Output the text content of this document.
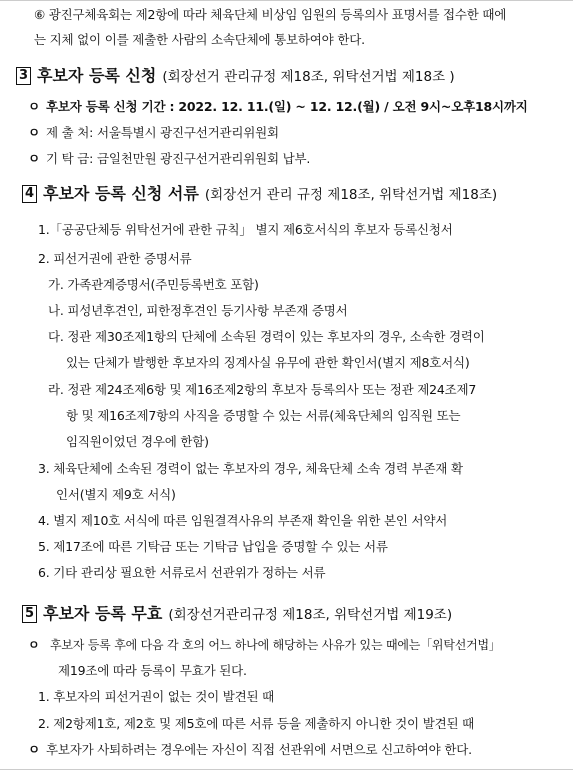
⑥ 광진구체육회는 제2항에 따라 체육단체 비상임 임원의 등록의사 표명서를 접수한 때에
는 지체 없이 이를 제출한 사람의 소속단체에 통보하여야 한다.
3 후보자 등록 신청 (회장선거 관리규정 제18조, 위탁선거법 제18조 )
ㅇ 후보자 등록 신청 기간 : 2022. 12. 11.(일) ~ 12. 12.(월) / 오전 9시~오후18시까지
ㅇ 제 출 처: 서울특별시 광진구선거관리위원회
ㅇ 기 탁 금: 금일천만원 광진구선거관리위원회 납부.
4 후보자 등록 신청 서류 (회장선거 관리 규정 제18조, 위탁선거법 제18조)
1.「공공단체등 위탁선거에 관한 규칙」 별지 제6호서식의 후보자 등록신청서
2. 피선거권에 관한 증명서류
가. 가족관계증명서(주민등록번호 포함)
나. 피성년후견인, 피한정후견인 등기사항 부존재 증명서
다. 정관 제30조제1항의 단체에 소속된 경력이 있는 후보자의 경우, 소속한 경력이
있는 단체가 발행한 후보자의 징계사실 유무에 관한 확인서(별지 제8호서식)
라. 정관 제24조제6항 및 제16조제2항의 후보자 등록의사 또는 정관 제24조제7
항 및 제16조제7항의 사직을 증명할 수 있는 서류(체육단체의 임직원 또는
임직원이었던 경우에 한함)
3. 체육단체에 소속된 경력이 없는 후보자의 경우, 체육단체 소속 경력 부존재 확
인서(별지 제9호 서식)
4. 별지 제10호 서식에 따른 임원결격사유의 부존재 확인을 위한 본인 서약서
5. 제17조에 따른 기탁금 또는 기탁금 납입을 증명할 수 있는 서류
6. 기타 관리상 필요한 서류로서 선관위가 정하는 서류
5 후보자 등록 무효 (회장선거관리규정 제18조, 위탁선거법 제19조)
ㅇ 후보자 등록 후에 다음 각 호의 어느 하나에 해당하는 사유가 있는 때에는「위탁선거법」
제19조에 따라 등록이 무효가 된다.
1. 후보자의 피선거권이 없는 것이 발견된 때
2. 제2항제1호, 제2호 및 제5호에 따른 서류 등을 제출하지 아니한 것이 발견된 때
ㅇ 후보자가 사퇴하려는 경우에는 자신이 직접 선관위에 서면으로 신고하여야 한다.
